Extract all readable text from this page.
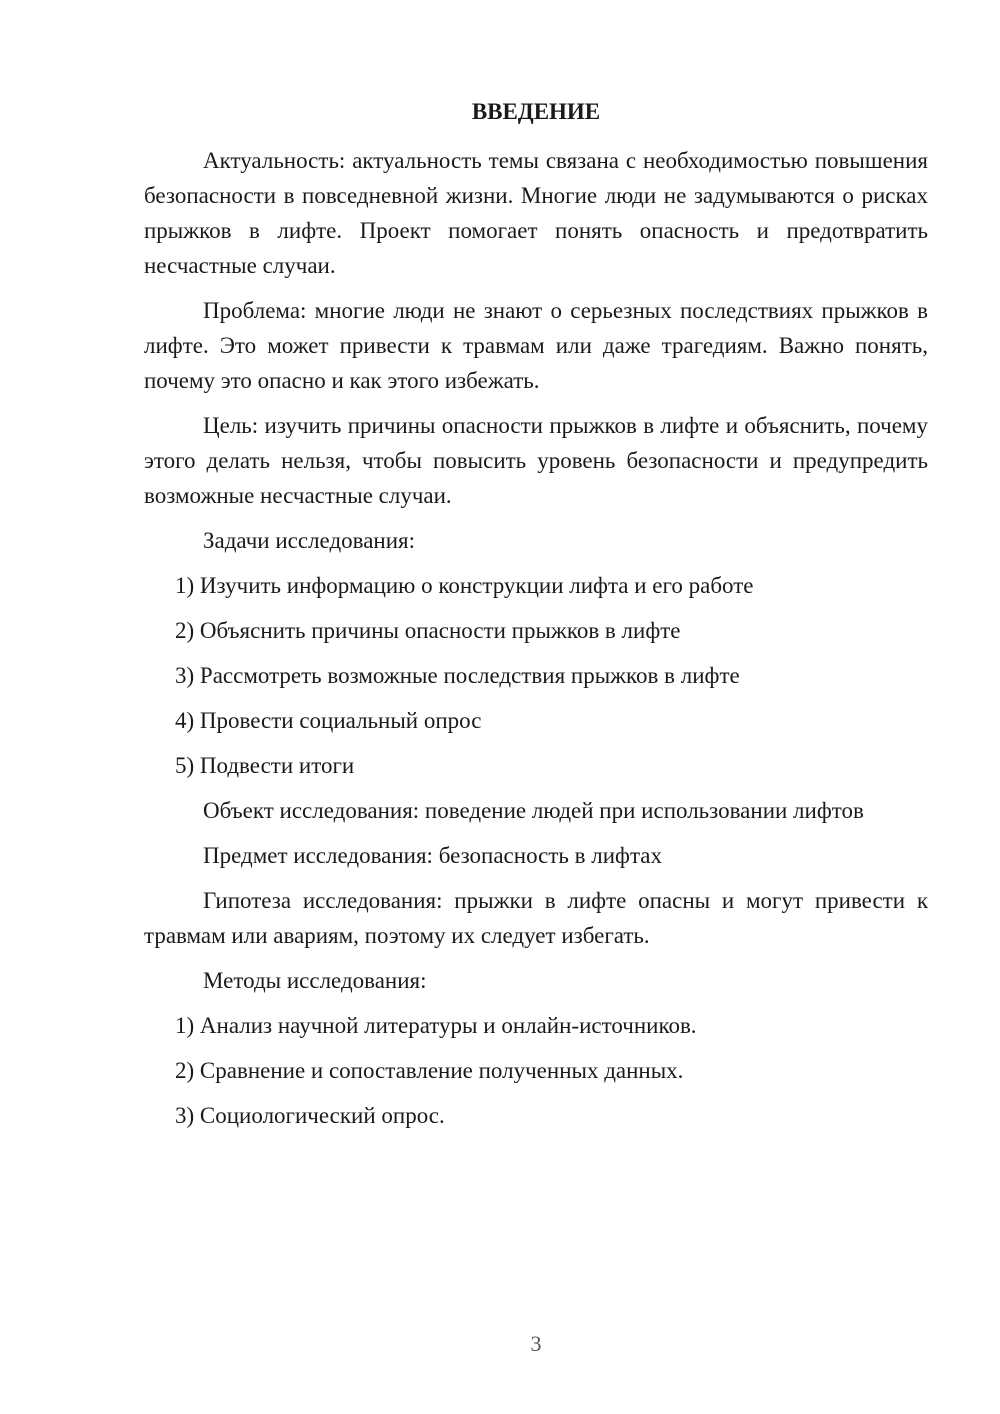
ВВЕДЕНИЕ
Актуальность: актуальность темы связана с необходимостью повышения безопасности в повседневной жизни. Многие люди не задумываются о рисках прыжков в лифте. Проект помогает понять опасность и предотвратить несчастные случаи.
Проблема: многие люди не знают о серьезных последствиях прыжков в лифте. Это может привести к травмам или даже трагедиям. Важно понять, почему это опасно и как этого избежать.
Цель: изучить причины опасности прыжков в лифте и объяснить, почему этого делать нельзя, чтобы повысить уровень безопасности и предупредить возможные несчастные случаи.
Задачи исследования:
1) Изучить информацию о конструкции лифта и его работе
2) Объяснить причины опасности прыжков в лифте
3) Рассмотреть возможные последствия прыжков в лифте
4) Провести социальный опрос
5) Подвести итоги
Объект исследования: поведение людей при использовании лифтов
Предмет исследования: безопасность в лифтах
Гипотеза исследования: прыжки в лифте опасны и могут привести к травмам или авариям, поэтому их следует избегать.
Методы исследования:
1) Анализ научной литературы и онлайн-источников.
2) Сравнение и сопоставление полученных данных.
3) Социологический опрос.
3
